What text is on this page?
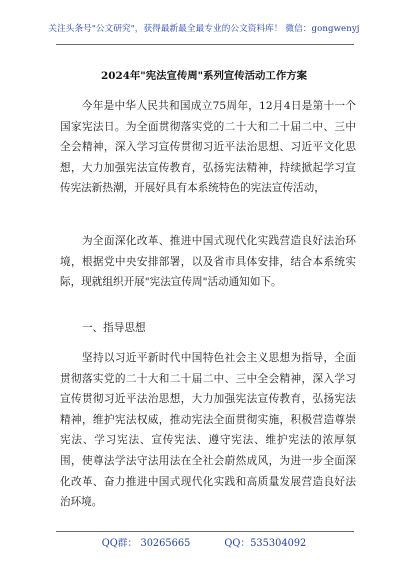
关注头条号"公文研究"，获得最新最全最专业的公文资料库！ 微信：gongwenyj
2024年"宪法宣传周"系列宣传活动工作方案

　　今年是中华人民共和国成立75周年，12月4日是第十一个国家宪法日。为全面贯彻落实党的二十大和二十届二中、三中全会精神，深入学习宣传贯彻习近平法治思想、习近平文化思想，大力加强宪法宣传教育，弘扬宪法精神，持续掀起学习宣传宪法新热潮，开展好具有本系统特色的宪法宣传活动，

　　为全面深化改革、推进中国式现代化实践营造良好法治环境，根据党中央安排部署，以及省市具体安排，结合本系统实际，现就组织开展"宪法宣传周"活动通知如下。

一、指导思想

　　坚持以习近平新时代中国特色社会主义思想为指导，全面贯彻落实党的二十大和二十届二中、三中全会精神，深入学习宣传贯彻习近平法治思想，大力加强宪法宣传教育，弘扬宪法精神，维护宪法权威，推动宪法全面贯彻实施，积极营造尊崇宪法、学习宪法、宣传宪法、遵守宪法、维护宪法的浓厚氛围，使尊法学法守法用法在全社会蔚然成风，为进一步全面深化改革、奋力推进中国式现代化实践和高质量发展营造良好法治环境。

QQ群： 30265665	QQ：535304092
